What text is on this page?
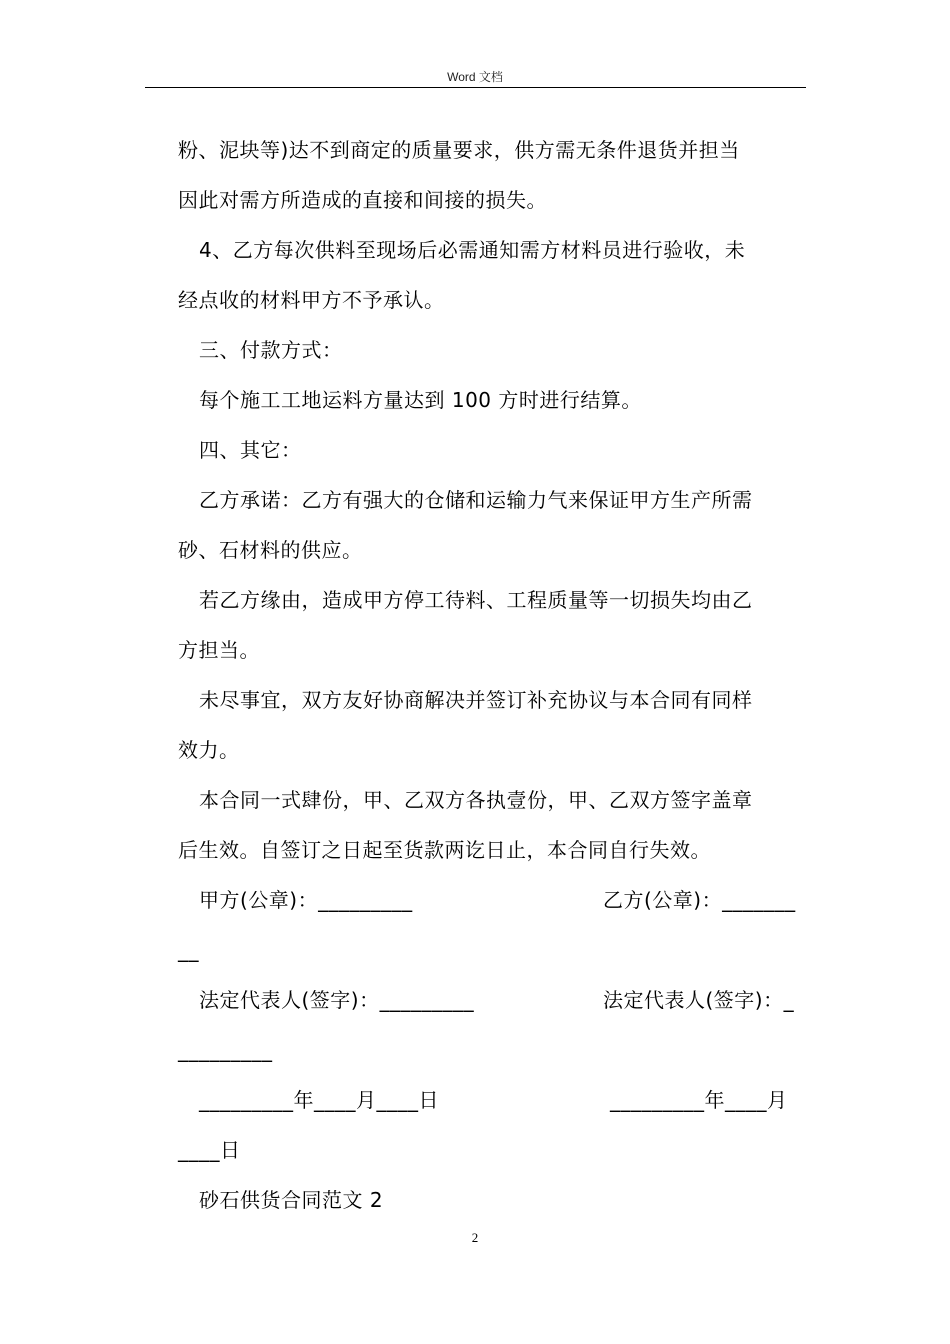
Word 文档
粉、泥块等)达不到商定的质量要求，供方需无条件退货并担当
因此对需方所造成的直接和间接的损失。
4、乙方每次供料至现场后必需通知需方材料员进行验收，未
经点收的材料甲方不予承认。
三、付款方式：
每个施工工地运料方量达到 100 方时进行结算。
四、其它：
乙方承诺：乙方有强大的仓储和运输力气来保证甲方生产所需
砂、石材料的供应。
若乙方缘由，造成甲方停工待料、工程质量等一切损失均由乙
方担当。
未尽事宜，双方友好协商解决并签订补充协议与本合同有同样
效力。
本合同一式肆份，甲、乙双方各执壹份，甲、乙双方签字盖章
后生效。自签订之日起至货款两讫日止，本合同自行失效。
甲方(公章)：_________	乙方(公章)：_______
__
法定代表人(签字)：_________	法定代表人(签字)：_
_________
_________年____月____日	_________年____月
____日
砂石供货合同范文 2
2
